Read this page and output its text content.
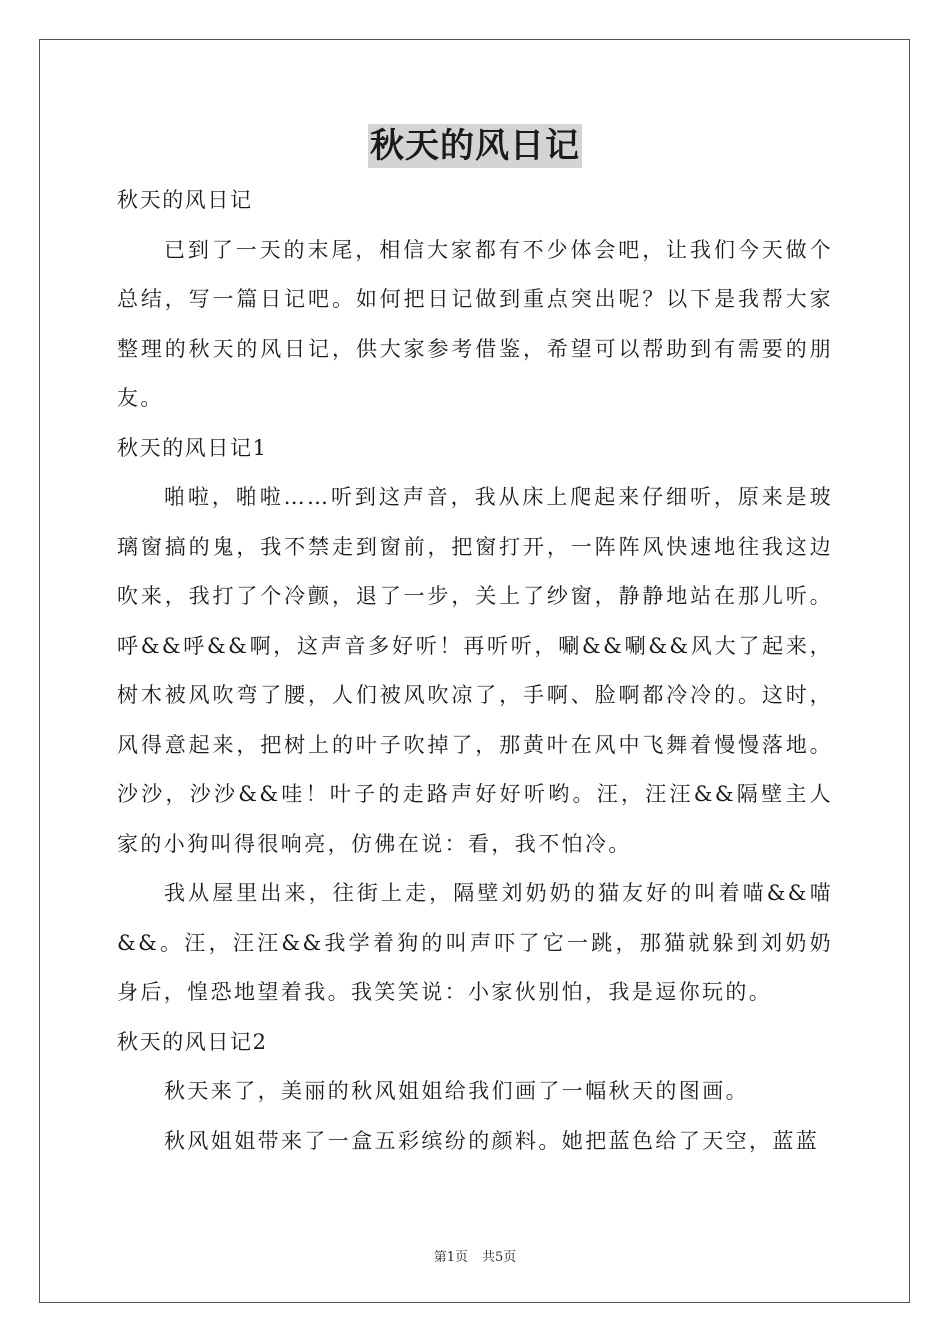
秋天的风日记

秋天的风日记

已到了一天的末尾，相信大家都有不少体会吧，让我们今天做个总结，写一篇日记吧。如何把日记做到重点突出呢？以下是我帮大家整理的秋天的风日记，供大家参考借鉴，希望可以帮助到有需要的朋友。

秋天的风日记1

啪啦，啪啦……听到这声音，我从床上爬起来仔细听，原来是玻璃窗搞的鬼，我不禁走到窗前，把窗打开，一阵阵风快速地往我这边吹来，我打了个冷颤，退了一步，关上了纱窗，静静地站在那儿听。呼&&呼&&啊，这声音多好听！再听听，唰&&唰&&风大了起来，树木被风吹弯了腰，人们被风吹凉了，手啊、脸啊都冷冷的。这时，风得意起来，把树上的叶子吹掉了，那黄叶在风中飞舞着慢慢落地。沙沙，沙沙&&哇！叶子的走路声好好听哟。汪，汪汪&&隔壁主人家的小狗叫得很响亮，仿佛在说：看，我不怕冷。

我从屋里出来，往街上走，隔壁刘奶奶的猫友好的叫着喵&&喵&&。汪，汪汪&&我学着狗的叫声吓了它一跳，那猫就躲到刘奶奶身后，惶恐地望着我。我笑笑说：小家伙别怕，我是逗你玩的。

秋天的风日记2

秋天来了，美丽的秋风姐姐给我们画了一幅秋天的图画。

秋风姐姐带来了一盒五彩缤纷的颜料。她把蓝色给了天空，蓝蓝

第1页 共5页
